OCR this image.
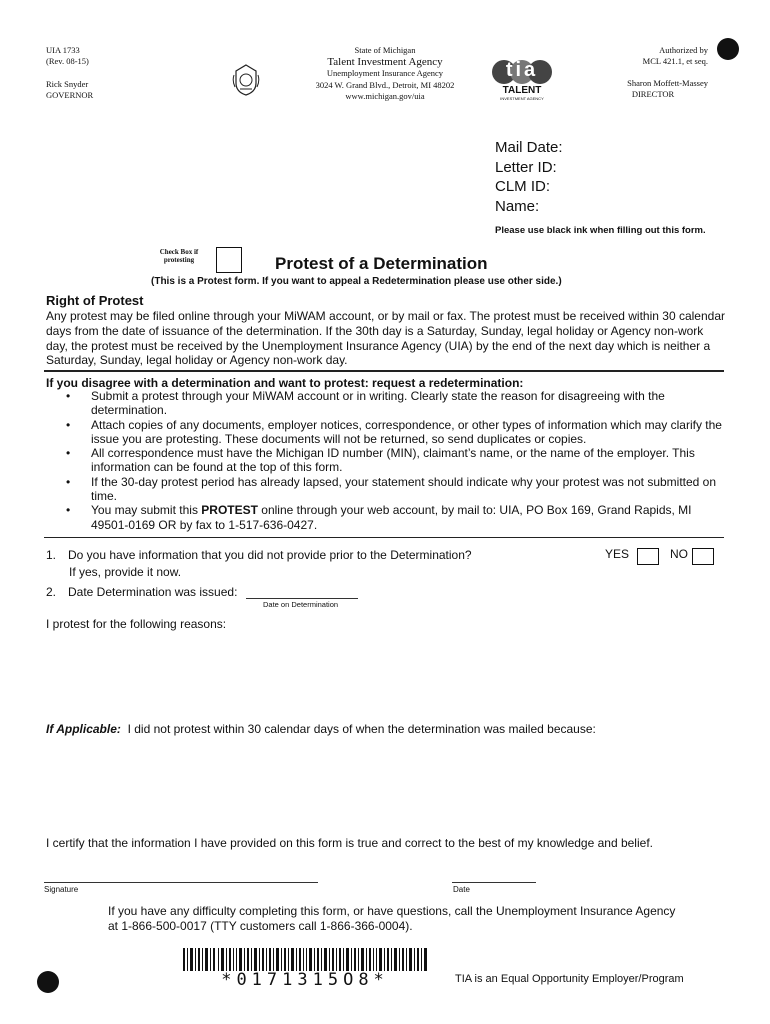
UIA 1733
(Rev. 08-15)
Rick Snyder
GOVERNOR
State of Michigan
Talent Investment Agency
Unemployment Insurance Agency
3024 W. Grand Blvd., Detroit, MI 48202
www.michigan.gov/uia
tia
TALENT
INVESTMENT AGENCY
Authorized by
MCL 421.1, et seq.
Sharon Moffett-Massey
DIRECTOR
Mail Date:
Letter ID:
CLM ID:
Name:
Please use black ink when filling out this form.
Check Box if
protesting	Protest of a Determination
(This is a Protest form. If you want to appeal a Redetermination please use other side.)
Right of Protest
Any protest may be filed online through your MiWAM account, or by mail or fax. The protest must be received within 30 calendar days from the date of issuance of the determination. If the 30th day is a Saturday, Sunday, legal holiday or Agency non-work day, the protest must be received by the Unemployment Insurance Agency (UIA) by the end of the next day which is neither a Saturday, Sunday, legal holiday or Agency non-work day.
If you disagree with a determination and want to protest: request a redetermination:
• Submit a protest through your MiWAM account or in writing. Clearly state the reason for disagreeing with the determination.
• Attach copies of any documents, employer notices, correspondence, or other types of information which may clarify the issue you are protesting. These documents will not be returned, so send duplicates or copies.
• All correspondence must have the Michigan ID number (MIN), claimant’s name, or the name of the employer. This information can be found at the top of this form.
• If the 30-day protest period has already lapsed, your statement should indicate why your protest was not submitted on time.
• You may submit this PROTEST online through your web account, by mail to: UIA, PO Box 169, Grand Rapids, MI 49501-0169 OR by fax to 1-517-636-0427.
1. Do you have information that you did not provide prior to the Determination?
If yes, provide it now.
YES	NO
2. Date Determination was issued:
Date on Determination
I protest for the following reasons:
If Applicable: I did not protest within 30 calendar days of when the determination was mailed because:
I certify that the information I have provided on this form is true and correct to the best of my knowledge and belief.
Signature	Date
If you have any difficulty completing this form, or have questions, call the Unemployment Insurance Agency at 1-866-500-0017 (TTY customers call 1-866-366-0004).
*0171315O8*	TIA is an Equal Opportunity Employer/Program
